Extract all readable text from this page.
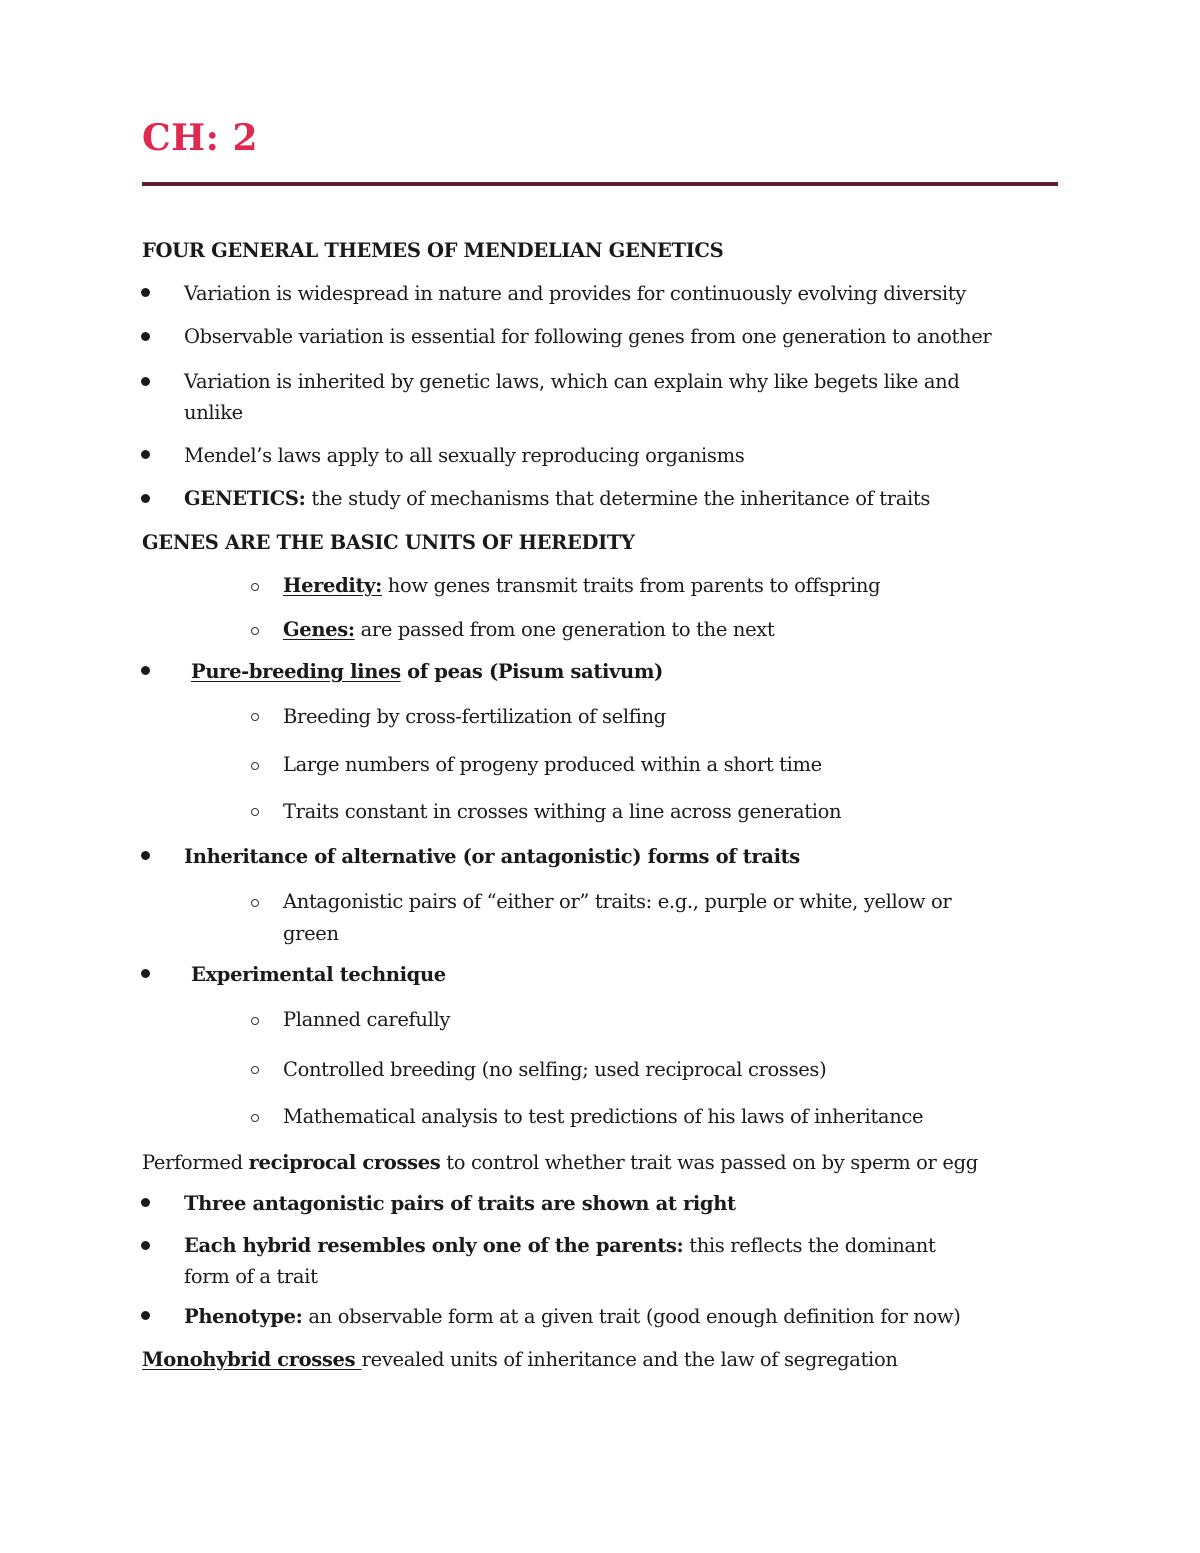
CH: 2
FOUR GENERAL THEMES OF MENDELIAN GENETICS
Variation is widespread in nature and provides for continuously evolving diversity
Observable variation is essential for following genes from one generation to another
Variation is inherited by genetic laws, which can explain why like begets like and
unlike
Mendel’s laws apply to all sexually reproducing organisms
GENETICS: the study of mechanisms that determine the inheritance of traits
GENES ARE THE BASIC UNITS OF HEREDITY
Heredity: how genes transmit traits from parents to offspring
Genes: are passed from one generation to the next
Pure-breeding lines of peas (Pisum sativum)
Breeding by cross-fertilization of selfing
Large numbers of progeny produced within a short time
Traits constant in crosses withing a line across generation
Inheritance of alternative (or antagonistic) forms of traits
Antagonistic pairs of “either or” traits: e.g., purple or white, yellow or
green
Experimental technique
Planned carefully
Controlled breeding (no selfing; used reciprocal crosses)
Mathematical analysis to test predictions of his laws of inheritance
Performed reciprocal crosses to control whether trait was passed on by sperm or egg
Three antagonistic pairs of traits are shown at right
Each hybrid resembles only one of the parents: this reflects the dominant
form of a trait
Phenotype: an observable form at a given trait (good enough definition for now)
Monohybrid crosses revealed units of inheritance and the law of segregation
